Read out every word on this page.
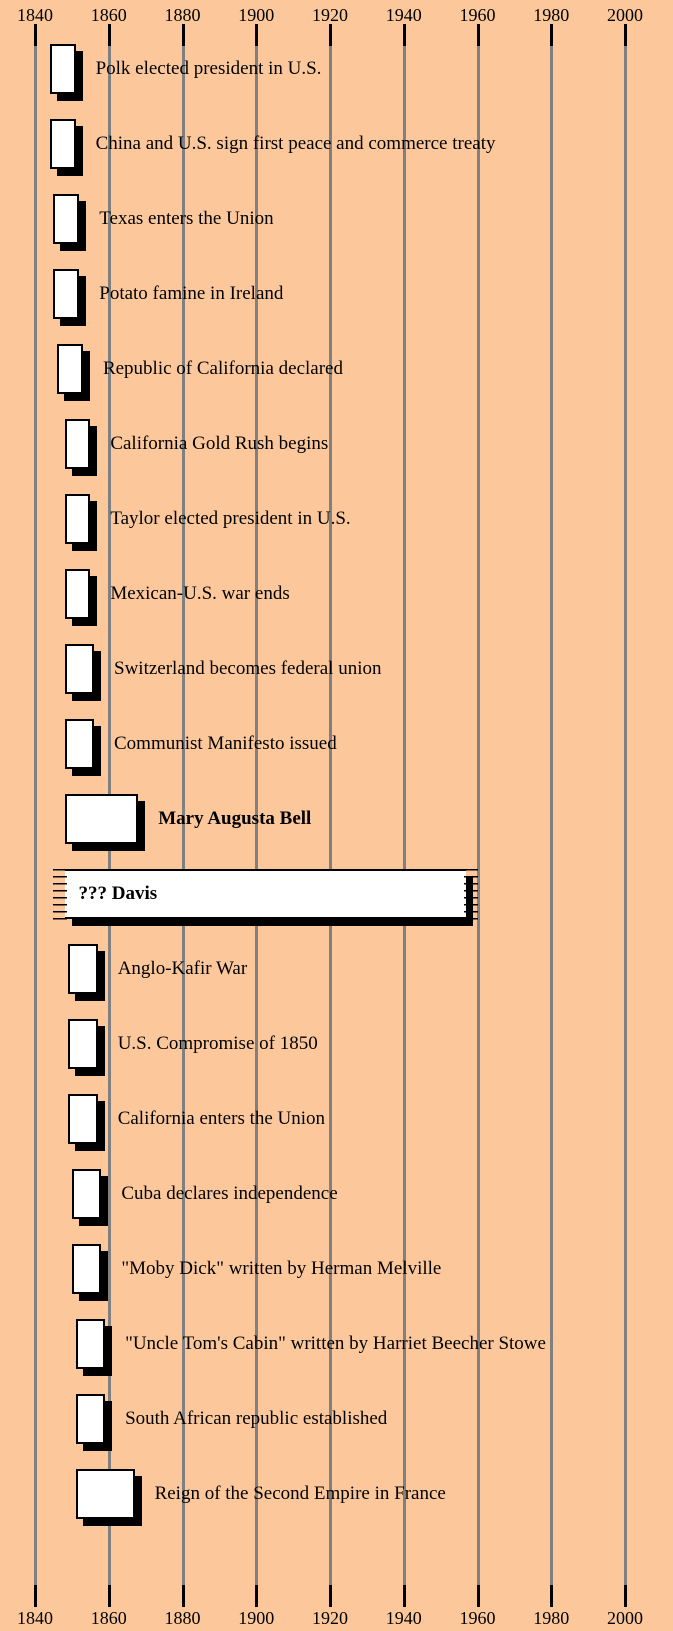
1840
1840
1860
1860
1880
1880
1900
1900
1920
1920
1940
1940
1960
1960
1980
1980
2000
2000
Polk elected president in U.S.
China and U.S. sign first peace and commerce treaty
Texas enters the Union
Potato famine in Ireland
Republic of California declared
California Gold Rush begins
Taylor elected president in U.S.
Mexican-U.S. war ends
Switzerland becomes federal union
Communist Manifesto issued
Mary Augusta Bell
??? Davis
Anglo-Kafir War
U.S. Compromise of 1850
California enters the Union
Cuba declares independence
"Moby Dick" written by Herman Melville
"Uncle Tom's Cabin" written by Harriet Beecher Stowe
South African republic established
Reign of the Second Empire in France
